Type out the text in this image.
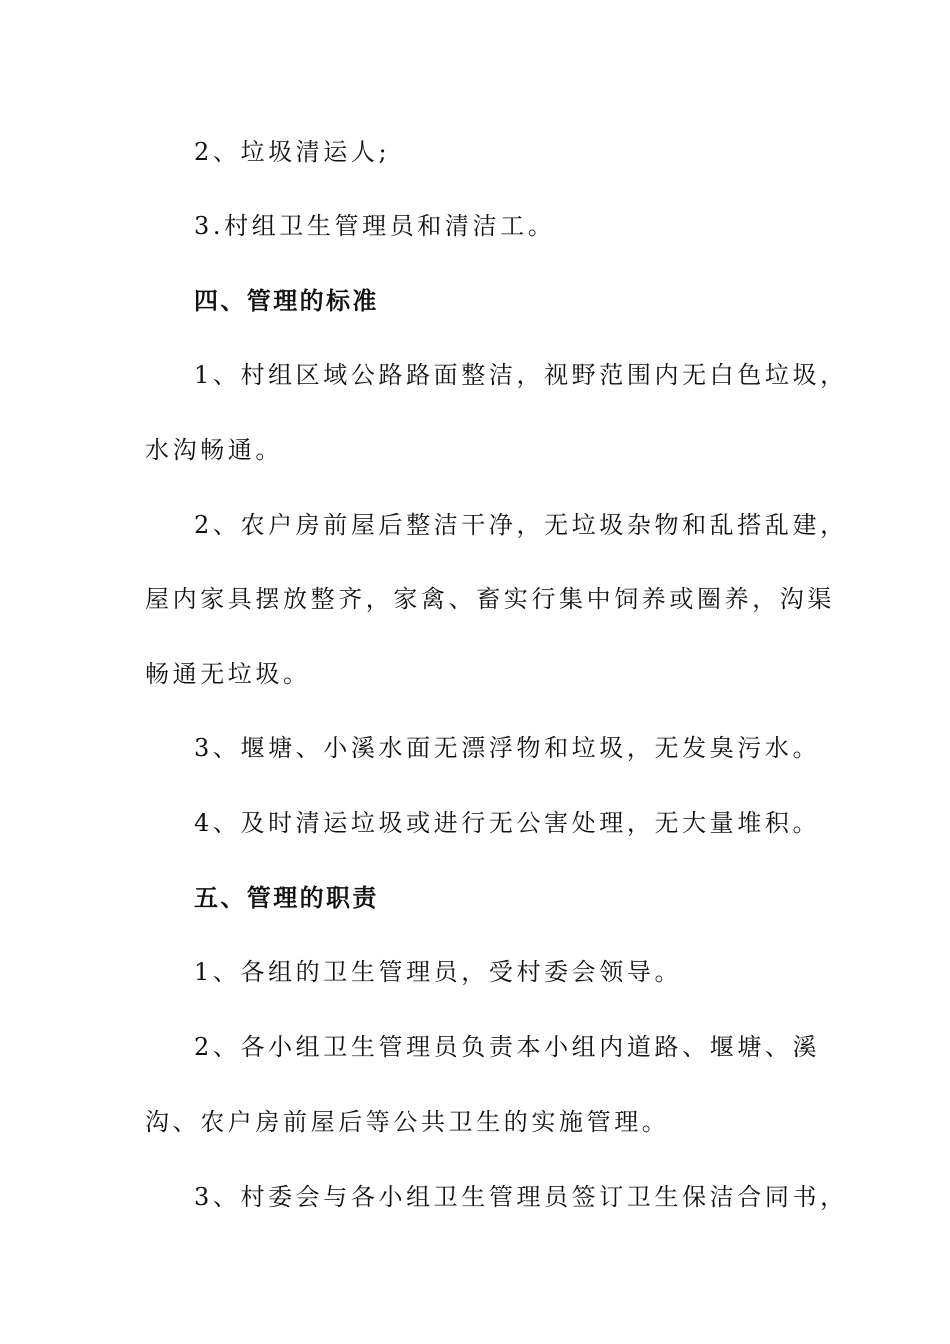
2、垃圾清运人;

3.村组卫生管理员和清洁工。

四、管理的标准

1、村组区域公路路面整洁，视野范围内无白色垃圾，

水沟畅通。

2、农户房前屋后整洁干净，无垃圾杂物和乱搭乱建，

屋内家具摆放整齐，家禽、畜实行集中饲养或圈养，沟渠

畅通无垃圾。

3、堰塘、小溪水面无漂浮物和垃圾，无发臭污水。

4、及时清运垃圾或进行无公害处理，无大量堆积。

五、管理的职责

1、各组的卫生管理员，受村委会领导。

2、各小组卫生管理员负责本小组内道路、堰塘、溪

沟、农户房前屋后等公共卫生的实施管理。

3、村委会与各小组卫生管理员签订卫生保洁合同书，
